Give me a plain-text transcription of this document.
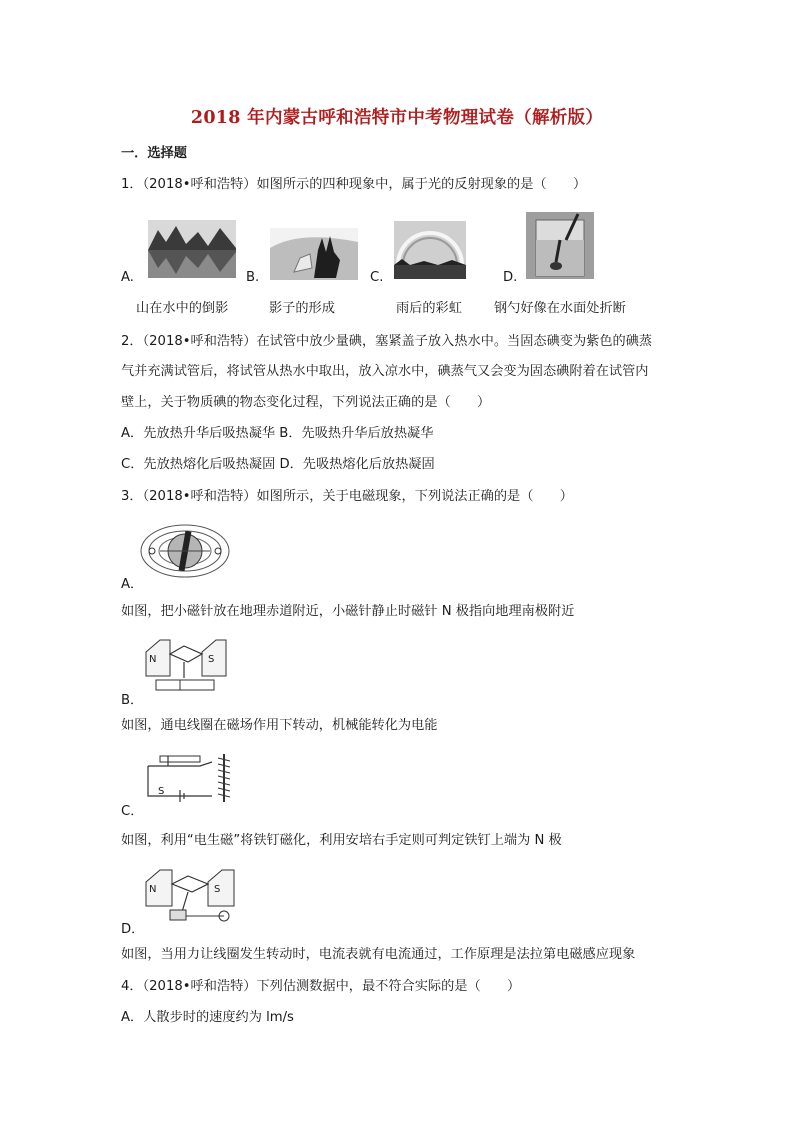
2018 年内蒙古呼和浩特市中考物理试卷（解析版）
一．选择题
1．（2018•呼和浩特）如图所示的四种现象中，属于光的反射现象的是（　　）
A.
山在水中的倒影
B.
影子的形成
C.
雨后的彩虹
D.
钢勺好像在水面处折断
2．（2018•呼和浩特）在试管中放少量碘，塞紧盖子放入热水中。当固态碘变为紫色的碘蒸
气并充满试管后，将试管从热水中取出，放入凉水中，碘蒸气又会变为固态碘附着在试管内
壁上，关于物质碘的物态变化过程，下列说法正确的是（　　）
A．先放热升华后吸热凝华 B．先吸热升华后放热凝华
C．先放热熔化后吸热凝固 D．先吸热熔化后放热凝固
3．（2018•呼和浩特）如图所示，关于电磁现象，下列说法正确的是（　　）
A．
如图，把小磁针放在地理赤道附近，小磁针静止时磁针 N 极指向地理南极附近
N	S
B．
如图，通电线圈在磁场作用下转动，机械能转化为电能
S
C．
如图，利用“电生磁”将铁钉磁化，利用安培右手定则可判定铁钉上端为 N 极
N	S
D．
如图，当用力让线圈发生转动时，电流表就有电流通过，工作原理是法拉第电磁感应现象
4．（2018•呼和浩特）下列估测数据中，最不符合实际的是（　　）
A．人散步时的速度约为 lm/s
